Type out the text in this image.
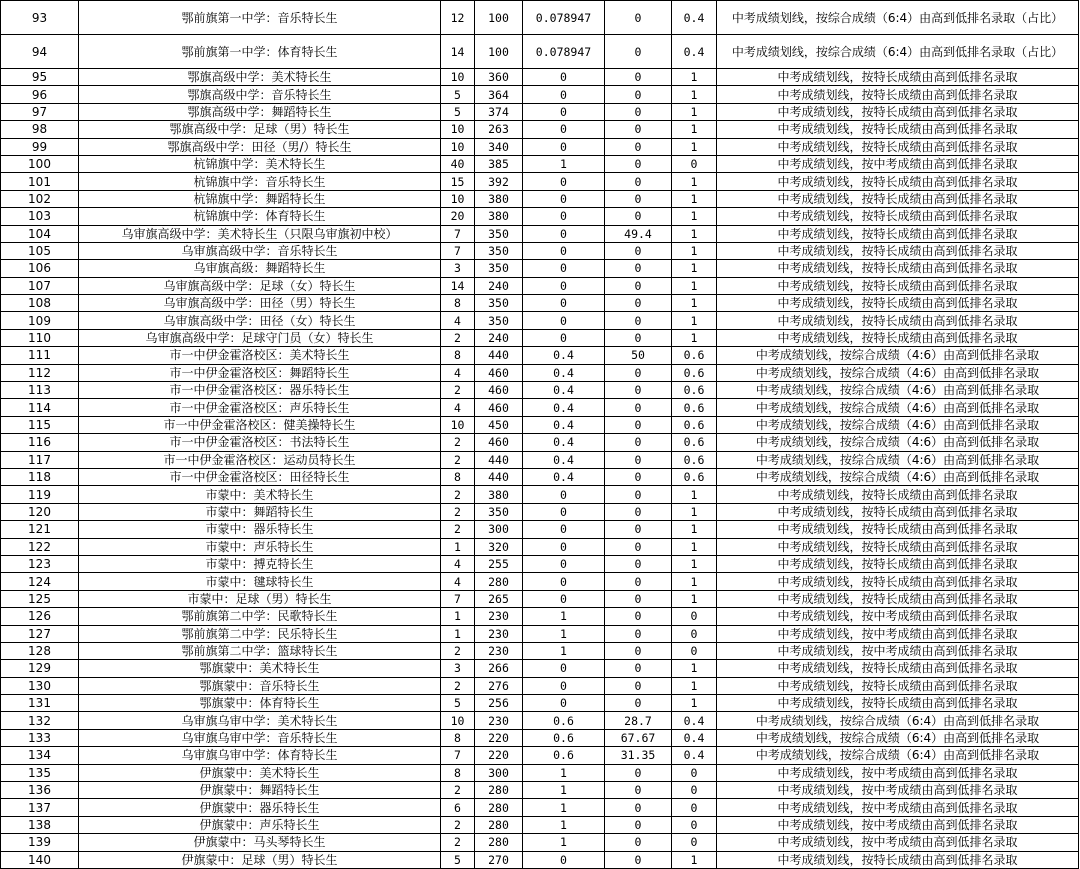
93	鄂前旗第一中学：音乐特长生	12	100	0.078947	0	0.4	中考成绩划线，按综合成绩（6:4）由高到低排名录取（占比）
94	鄂前旗第一中学：体育特长生	14	100	0.078947	0	0.4	中考成绩划线，按综合成绩（6:4）由高到低排名录取（占比）
95	鄂旗高级中学：美术特长生	10	360	0	0	1	中考成绩划线，按特长成绩由高到低排名录取
96	鄂旗高级中学：音乐特长生	5	364	0	0	1	中考成绩划线，按特长成绩由高到低排名录取
97	鄂旗高级中学：舞蹈特长生	5	374	0	0	1	中考成绩划线，按特长成绩由高到低排名录取
98	鄂旗高级中学：足球（男）特长生	10	263	0	0	1	中考成绩划线，按特长成绩由高到低排名录取
99	鄂旗高级中学：田径（男/）特长生	10	340	0	0	1	中考成绩划线，按特长成绩由高到低排名录取
100	杭锦旗中学：美术特长生	40	385	1	0	0	中考成绩划线，按中考成绩由高到低排名录取
101	杭锦旗中学：音乐特长生	15	392	0	0	1	中考成绩划线，按特长成绩由高到低排名录取
102	杭锦旗中学：舞蹈特长生	10	380	0	0	1	中考成绩划线，按特长成绩由高到低排名录取
103	杭锦旗中学：体育特长生	20	380	0	0	1	中考成绩划线，按特长成绩由高到低排名录取
104	乌审旗高级中学：美术特长生（只限乌审旗初中校）	7	350	0	49.4	1	中考成绩划线，按特长成绩由高到低排名录取
105	乌审旗高级中学：音乐特长生	7	350	0	0	1	中考成绩划线，按特长成绩由高到低排名录取
106	乌审旗高级：舞蹈特长生	3	350	0	0	1	中考成绩划线，按特长成绩由高到低排名录取
107	乌审旗高级中学：足球（女）特长生	14	240	0	0	1	中考成绩划线，按特长成绩由高到低排名录取
108	乌审旗高级中学：田径（男）特长生	8	350	0	0	1	中考成绩划线，按特长成绩由高到低排名录取
109	乌审旗高级中学：田径（女）特长生	4	350	0	0	1	中考成绩划线，按特长成绩由高到低排名录取
110	乌审旗高级中学：足球守门员（女）特长生	2	240	0	0	1	中考成绩划线，按特长成绩由高到低排名录取
111	市一中伊金霍洛校区：美术特长生	8	440	0.4	50	0.6	中考成绩划线，按综合成绩（4:6）由高到低排名录取
112	市一中伊金霍洛校区：舞蹈特长生	4	460	0.4	0	0.6	中考成绩划线，按综合成绩（4:6）由高到低排名录取
113	市一中伊金霍洛校区：器乐特长生	2	460	0.4	0	0.6	中考成绩划线，按综合成绩（4:6）由高到低排名录取
114	市一中伊金霍洛校区：声乐特长生	4	460	0.4	0	0.6	中考成绩划线，按综合成绩（4:6）由高到低排名录取
115	市一中伊金霍洛校区：健美操特长生	10	450	0.4	0	0.6	中考成绩划线，按综合成绩（4:6）由高到低排名录取
116	市一中伊金霍洛校区：书法特长生	2	460	0.4	0	0.6	中考成绩划线，按综合成绩（4:6）由高到低排名录取
117	市一中伊金霍洛校区：运动员特长生	2	440	0.4	0	0.6	中考成绩划线，按综合成绩（4:6）由高到低排名录取
118	市一中伊金霍洛校区：田径特长生	8	440	0.4	0	0.6	中考成绩划线，按综合成绩（4:6）由高到低排名录取
119	市蒙中：美术特长生	2	380	0	0	1	中考成绩划线，按特长成绩由高到低排名录取
120	市蒙中：舞蹈特长生	2	350	0	0	1	中考成绩划线，按特长成绩由高到低排名录取
121	市蒙中：器乐特长生	2	300	0	0	1	中考成绩划线，按特长成绩由高到低排名录取
122	市蒙中：声乐特长生	1	320	0	0	1	中考成绩划线，按特长成绩由高到低排名录取
123	市蒙中：搏克特长生	4	255	0	0	1	中考成绩划线，按特长成绩由高到低排名录取
124	市蒙中：毽球特长生	4	280	0	0	1	中考成绩划线，按特长成绩由高到低排名录取
125	市蒙中：足球（男）特长生	7	265	0	0	1	中考成绩划线，按特长成绩由高到低排名录取
126	鄂前旗第二中学：民歌特长生	1	230	1	0	0	中考成绩划线，按中考成绩由高到低排名录取
127	鄂前旗第二中学：民乐特长生	1	230	1	0	0	中考成绩划线，按中考成绩由高到低排名录取
128	鄂前旗第二中学：篮球特长生	2	230	1	0	0	中考成绩划线，按中考成绩由高到低排名录取
129	鄂旗蒙中：美术特长生	3	266	0	0	1	中考成绩划线，按特长成绩由高到低排名录取
130	鄂旗蒙中：音乐特长生	2	276	0	0	1	中考成绩划线，按特长成绩由高到低排名录取
131	鄂旗蒙中：体育特长生	5	256	0	0	1	中考成绩划线，按特长成绩由高到低排名录取
132	乌审旗乌审中学：美术特长生	10	230	0.6	28.7	0.4	中考成绩划线，按综合成绩（6:4）由高到低排名录取
133	乌审旗乌审中学：音乐特长生	8	220	0.6	67.67	0.4	中考成绩划线，按综合成绩（6:4）由高到低排名录取
134	乌审旗乌审中学：体育特长生	7	220	0.6	31.35	0.4	中考成绩划线，按综合成绩（6:4）由高到低排名录取
135	伊旗蒙中：美术特长生	8	300	1	0	0	中考成绩划线，按中考成绩由高到低排名录取
136	伊旗蒙中：舞蹈特长生	2	280	1	0	0	中考成绩划线，按中考成绩由高到低排名录取
137	伊旗蒙中：器乐特长生	6	280	1	0	0	中考成绩划线，按中考成绩由高到低排名录取
138	伊旗蒙中：声乐特长生	2	280	1	0	0	中考成绩划线，按中考成绩由高到低排名录取
139	伊旗蒙中：马头琴特长生	2	280	1	0	0	中考成绩划线，按中考成绩由高到低排名录取
140	伊旗蒙中：足球（男）特长生	5	270	0	0	1	中考成绩划线，按特长成绩由高到低排名录取
